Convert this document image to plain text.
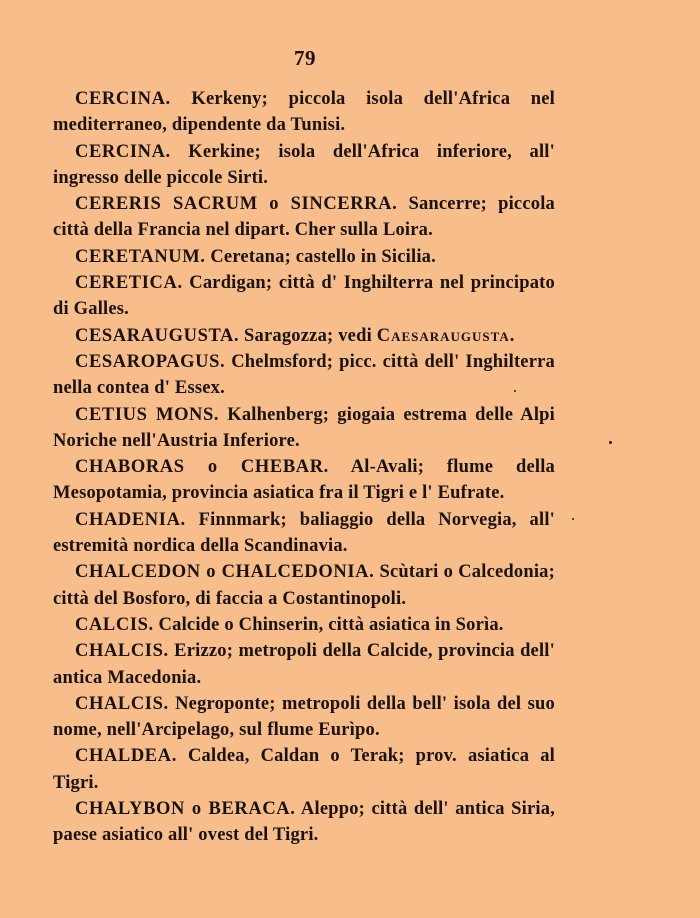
79

CERCINA. Kerkeny; piccola isola dell'Africa nel mediterraneo, dipendente da Tunisi.

CERCINA. Kerkine; isola dell'Africa inferiore, all' ingresso delle piccole Sirti.

CERERIS SACRUM o SINCERRA. Sancerre; piccola città della Francia nel dipart. Cher sulla Loira.

CERETANUM. Ceretana; castello in Sicilia.

CERETICA. Cardigan; città d' Inghilterra nel principato di Galles.

CESARAUGUSTA. Saragozza; vedi Caesaraugusta.

CESAROPAGUS. Chelmsford; picc. città dell' Inghilterra nella contea d' Essex.

CETIUS MONS. Kalhenberg; giogaia estrema delle Alpi Noriche nell'Austria Inferiore.

CHABORAS o CHEBAR. Al-Avali; flume della Mesopotamia, provincia asiatica fra il Tigri e l' Eufrate.

CHADENIA. Finnmark; baliaggio della Norvegia, all' estremità nordica della Scandinavia.

CHALCEDON o CHALCEDONIA. Scùtari o Calcedonia; città del Bosforo, di faccia a Costantinopoli.

CALCIS. Calcide o Chinserin, città asiatica in Sorìa.

CHALCIS. Erizzo; metropoli della Calcide, provincia dell' antica Macedonia.

CHALCIS. Negroponte; metropoli della bell' isola del suo nome, nell'Arcipelago, sul flume Eurìpo.

CHALDEA. Caldea, Caldan o Terak; prov. asiatica al Tigri.

CHALYBON o BERACA. Aleppo; città dell' antica Siria, paese asiatico all' ovest del Tigri.
